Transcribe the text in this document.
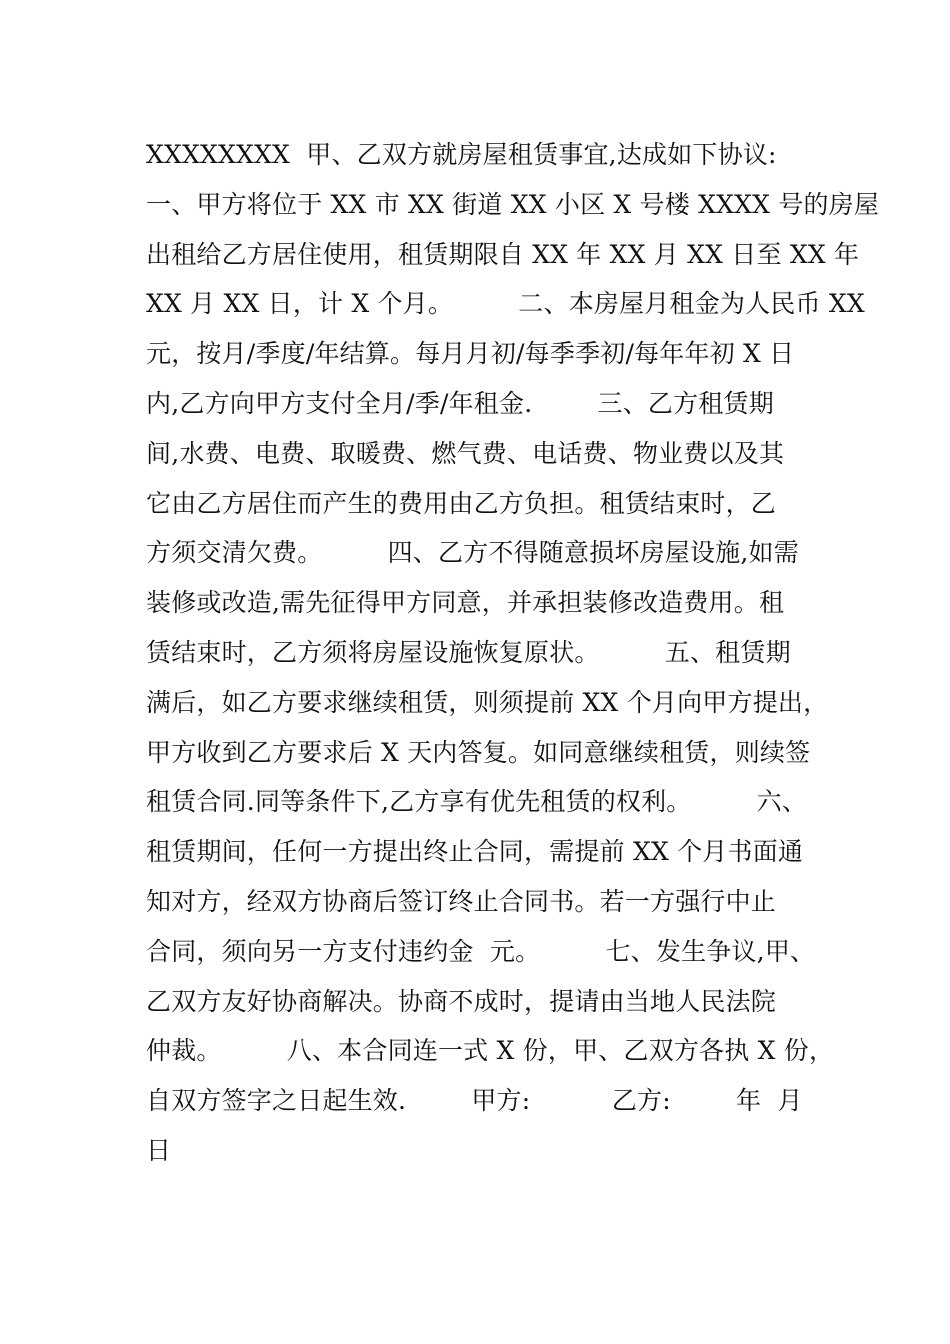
XXXXXXXX  甲、乙双方就房屋租赁事宜,达成如下协议:
一、甲方将位于 XX 市 XX 街道 XX 小区 X 号楼 XXXX 号的房屋
出租给乙方居住使用，租赁期限自 XX 年 XX 月 XX 日至 XX 年
XX 月 XX 日，计 X 个月。        二、本房屋月租金为人民币 XX
元，按月/季度/年结算。每月月初/每季季初/每年年初 X 日
内,乙方向甲方支付全月/季/年租金.        三、乙方租赁期
间,水费、电费、取暖费、燃气费、电话费、物业费以及其
它由乙方居住而产生的费用由乙方负担。租赁结束时，乙
方须交清欠费。        四、乙方不得随意损坏房屋设施,如需
装修或改造,需先征得甲方同意，并承担装修改造费用。租
赁结束时，乙方须将房屋设施恢复原状。        五、租赁期
满后，如乙方要求继续租赁，则须提前 XX 个月向甲方提出，
甲方收到乙方要求后 X 天内答复。如同意继续租赁，则续签
租赁合同.同等条件下,乙方享有优先租赁的权利。        六、
租赁期间，任何一方提出终止合同，需提前 XX 个月书面通
知对方，经双方协商后签订终止合同书。若一方强行中止
合同，须向另一方支付违约金  元。        七、发生争议,甲、
乙双方友好协商解决。协商不成时，提请由当地人民法院
仲裁。        八、本合同连一式 X 份，甲、乙双方各执 X 份，
自双方签字之日起生效.        甲方:          乙方:        年  月
日
